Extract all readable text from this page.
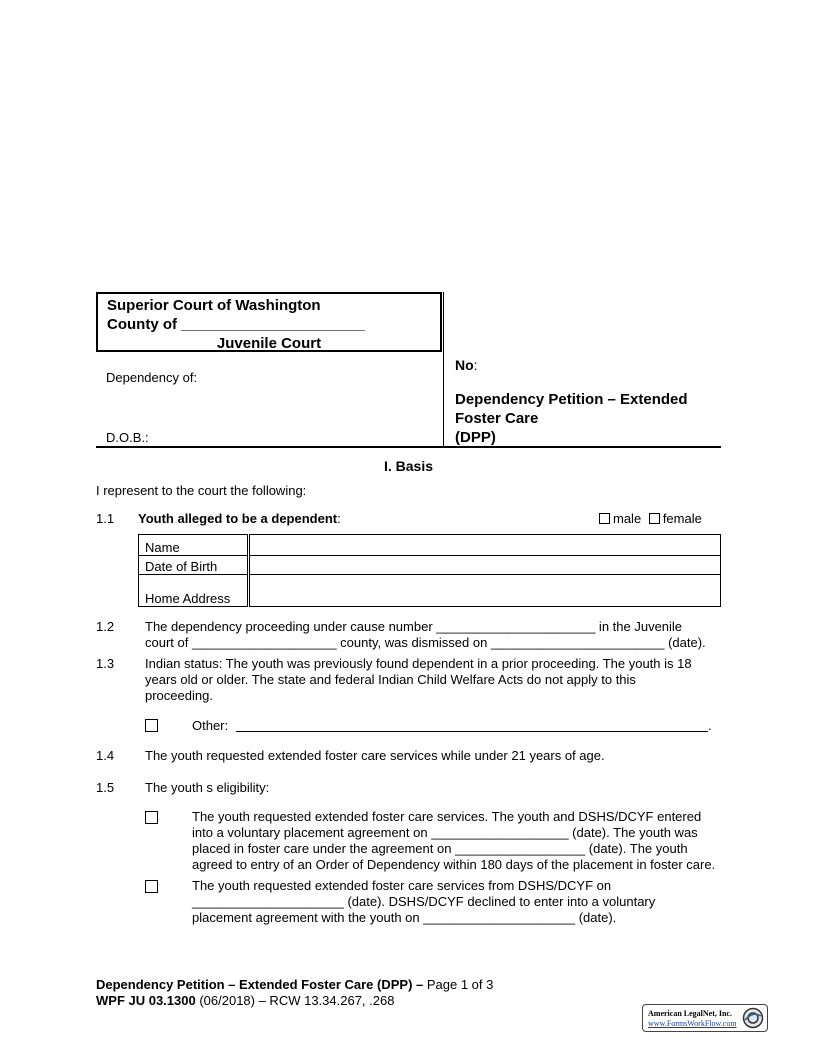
Superior Court of Washington
County of ______________________
Juvenile Court
Dependency of:
D.O.B.:
No:
Dependency Petition – Extended
Foster Care
(DPP)
I. Basis
I represent to the court the following:
1.1 Youth alleged to be a dependent:	male female
Name	
Date of Birth	
Home Address	
1.2 The dependency proceeding under cause number ______________________ in the Juvenile
court of ____________________ county, was dismissed on ________________________ (date).
1.3 Indian status: The youth was previously found dependent in a prior proceeding. The youth is 18
years old or older. The state and federal Indian Child Welfare Acts do not apply to this
proceeding.
Other:	.
1.4 The youth requested extended foster care services while under 21 years of age.
1.5 The youth s eligibility:
The youth requested extended foster care services. The youth and DSHS/DCYF entered
into a voluntary placement agreement on ___________________ (date). The youth was
placed in foster care under the agreement on __________________ (date). The youth
agreed to entry of an Order of Dependency within 180 days of the placement in foster care.
The youth requested extended foster care services from DSHS/DCYF on
_____________________ (date). DSHS/DCYF declined to enter into a voluntary
placement agreement with the youth on _____________________ (date).
Dependency Petition – Extended Foster Care (DPP) – Page 1 of 3
WPF JU 03.1300 (06/2018) – RCW 13.34.267, .268
American LegalNet, Inc.
www.FormsWorkFlow.com
